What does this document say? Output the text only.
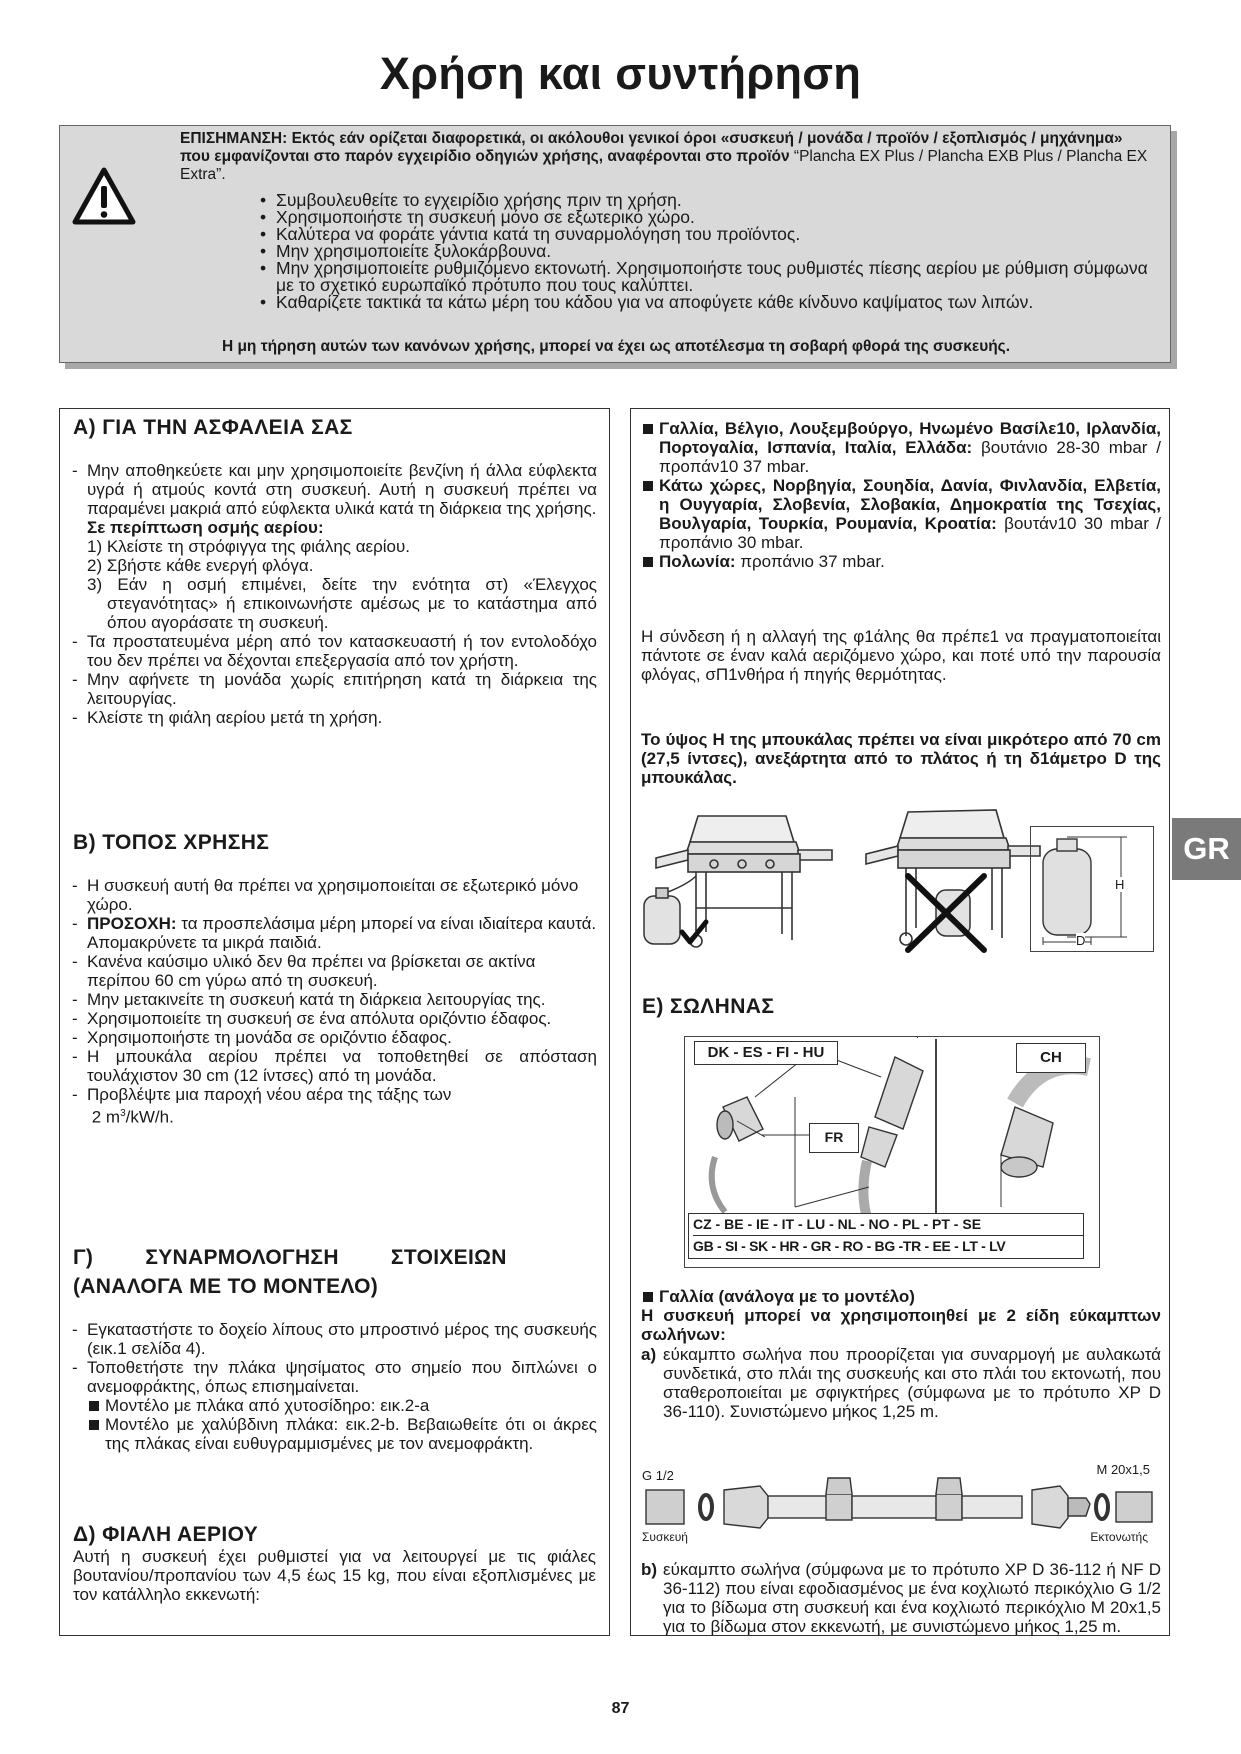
Χρήση και συντήρηση
ΕΠΙΣΗΜΑΝΣΗ: Εκτός εάν ορίζεται διαφορετικά, οι ακόλουθοι γενικοί όροι «συσκευή / μονάδα / προϊόν / εξοπλισμός / μηχάνημα» που εμφανίζονται στο παρόν εγχειρίδιο οδηγιών χρήσης, αναφέρονται στο προϊόν “Plancha EX Plus / Plancha EXB Plus / Plancha EX Extra”.
• Συμβουλευθείτε το εγχειρίδιο χρήσης πριν τη χρήση.
• Χρησιμοποιήστε τη συσκευή μόνο σε εξωτερικό χώρο.
• Καλύτερα να φοράτε γάντια κατά τη συναρμολόγηση του προϊόντος.
• Μην χρησιμοποιείτε ξυλοκάρβουνα.
• Μην χρησιμοποιείτε ρυθμιζόμενο εκτονωτή. Χρησιμοποιήστε τους ρυθμιστές πίεσης αερίου με ρύθμιση σύμφωνα με το σχετικό ευρωπαϊκό πρότυπο που τους καλύπτει.
• Καθαρίζετε τακτικά τα κάτω μέρη του κάδου για να αποφύγετε κάθε κίνδυνο καψίματος των λιπών.
Η μη τήρηση αυτών των κανόνων χρήσης, μπορεί να έχει ως αποτέλεσμα τη σοβαρή φθορά της συσκευής.
A) ΓΙΑ ΤΗΝ ΑΣΦΑΛΕΙΑ ΣΑΣ
- Μην αποθηκεύετε και μην χρησιμοποιείτε βενζίνη ή άλλα εύφλεκτα υγρά ή ατμούς κοντά στη συσκευή. Αυτή η συσκευή πρέπει να παραμένει μακριά από εύφλεκτα υλικά κατά τη διάρκεια της χρήσης.
Σε περίπτωση οσμής αερίου:
1) Κλείστε τη στρόφιγγα της φιάλης αερίου.
2) Σβήστε κάθε ενεργή φλόγα.
3) Εάν η οσμή επιμένει, δείτε την ενότητα στ) «Έλεγχος στεγανότητας» ή επικοινωνήστε αμέσως με το κατάστημα από όπου αγοράσατε τη συσκευή.
- Τα προστατευμένα μέρη από τον κατασκευαστή ή τον εντολοδόχο του δεν πρέπει να δέχονται επεξεργασία από τον χρήστη.
- Μην αφήνετε τη μονάδα χωρίς επιτήρηση κατά τη διάρκεια της λειτουργίας.
- Κλείστε τη φιάλη αερίου μετά τη χρήση.
B) ΤΟΠΟΣ ΧΡΗΣΗΣ
- Η συσκευή αυτή θα πρέπει να χρησιμοποιείται σε εξωτερικό μόνο χώρο.
- ΠΡΟΣΟΧΗ: τα προσπελάσιμα μέρη μπορεί να είναι ιδιαίτερα καυτά. Απομακρύνετε τα μικρά παιδιά.
- Κανένα καύσιμο υλικό δεν θα πρέπει να βρίσκεται σε ακτίνα περίπου 60 cm γύρω από τη συσκευή.
- Μην μετακινείτε τη συσκευή κατά τη διάρκεια λειτουργίας της.
- Χρησιμοποιείτε τη συσκευή σε ένα απόλυτα οριζόντιο έδαφος.
- Χρησιμοποιήστε τη μονάδα σε οριζόντιο έδαφος.
- Η μπουκάλα αερίου πρέπει να τοποθετηθεί σε απόσταση τουλάχιστον 30 cm (12 ίντσες) από τη μονάδα.
- Προβλέψτε μια παροχή νέου αέρα της τάξης των
2 $m^3/kW/h$.
Γ) ΣΥΝΑΡΜΟΛΟΓΗΣΗ ΣΤΟΙΧΕΙΩΝ
(ΑΝΑΛΟΓΑ ΜΕ ΤΟ ΜΟΝΤΕΛΟ)
- Εγκαταστήστε το δοχείο λίπους στο μπροστινό μέρος της συσκευής (εικ.1 σελίδα 4).
- Τοποθετήστε την πλάκα ψησίματος στο σημείο που διπλώνει ο ανεμοφράκτης, όπως επισημαίνεται.
Μοντέλο με πλάκα από χυτοσίδηρο: εικ.2-a
Μοντέλο με χαλύβδινη πλάκα: εικ.2-b. Βεβαιωθείτε ότι οι άκρες της πλάκας είναι ευθυγραμμισμένες με τον ανεμοφράκτη.
Δ) ΦΙΑΛΗ ΑΕΡΙΟΥ
Αυτή η συσκευή έχει ρυθμιστεί για να λειτουργεί με τις φιάλες βουτανίου/προπανίου των 4,5 έως 15 kg, που είναι εξοπλισμένες με τον κατάλληλο εκκενωτή:
Γαλλία, Βέλγιο, Λουξεμβούργο, Ηνωμένο Βασίλε10, Ιρλανδία, Πορτογαλία, Ισπανία, Ιταλία, Ελλάδα: βουτάνιο 28-30 mbar / προπάν10 37 mbar.
Κάτω χώρες, Νορβηγία, Σουηδία, Δανία, Φινλανδία, Ελβετία, η Ουγγαρία, Σλοβενία, Σλοβακία, Δημοκρατία της Τσεχίας, Βουλγαρία, Τουρκία, Ρουμανία, Κροατία: βουτάν10 30 mbar / προπάνιο 30 mbar.
Πολωνία: προπάνιο 37 mbar.
Η σύνδεση ή η αλλαγή της φ1άλης θα πρέπε1 να πραγματοποιείται πάντοτε σε έναν καλά αεριζόμενο χώρο, και ποτέ υπό την παρουσία φλόγας, σΠ1νθήρα ή πηγής θερμότητας.
Το ύψος Η της μπουκάλας πρέπει να είναι μικρότερο από 70 cm (27,5 ίντσες), ανεξάρτητα από το πλάτος ή τη δ1άμετρο D της μπουκάλας.
H
D
E) ΣΩΛΗΝΑΣ
DK - ES - FI - HU	CH
FR
CZ - BE - IE - IT - LU - NL - NO - PL - PT - SE
GB - SI - SK - HR - GR - RO - BG -TR - EE - LT - LV
Γαλλία (ανάλογα με το μοντέλο)
Η συσκευή μπορεί να χρησιμοποιηθεί με 2 είδη εύκαμπτων σωλήνων:
a) εύκαμπτο σωλήνα που προορίζεται για συναρμογή με αυλακωτά συνδετικά, στο πλάι της συσκευής και στο πλάι του εκτονωτή, που σταθεροποιείται με σφιγκτήρες (σύμφωνα με το πρότυπο XP D 36-110). Συνιστώμενο μήκος 1,25 m.
G 1/2	M 20x1,5
Συσκευή	Εκτονωτής
b) εύκαμπτο σωλήνα (σύμφωνα με το πρότυπο XP D 36-112 ή NF D 36-112) που είναι εφοδιασμένος με ένα κοχλιωτό περικόχλιο G 1/2 για το βίδωμα στη συσκευή και ένα κοχλιωτό περικόχλιο M 20x1,5 για το βίδωμα στον εκκενωτή, με συνιστώμενο μήκος 1,25 m.
GR
87
